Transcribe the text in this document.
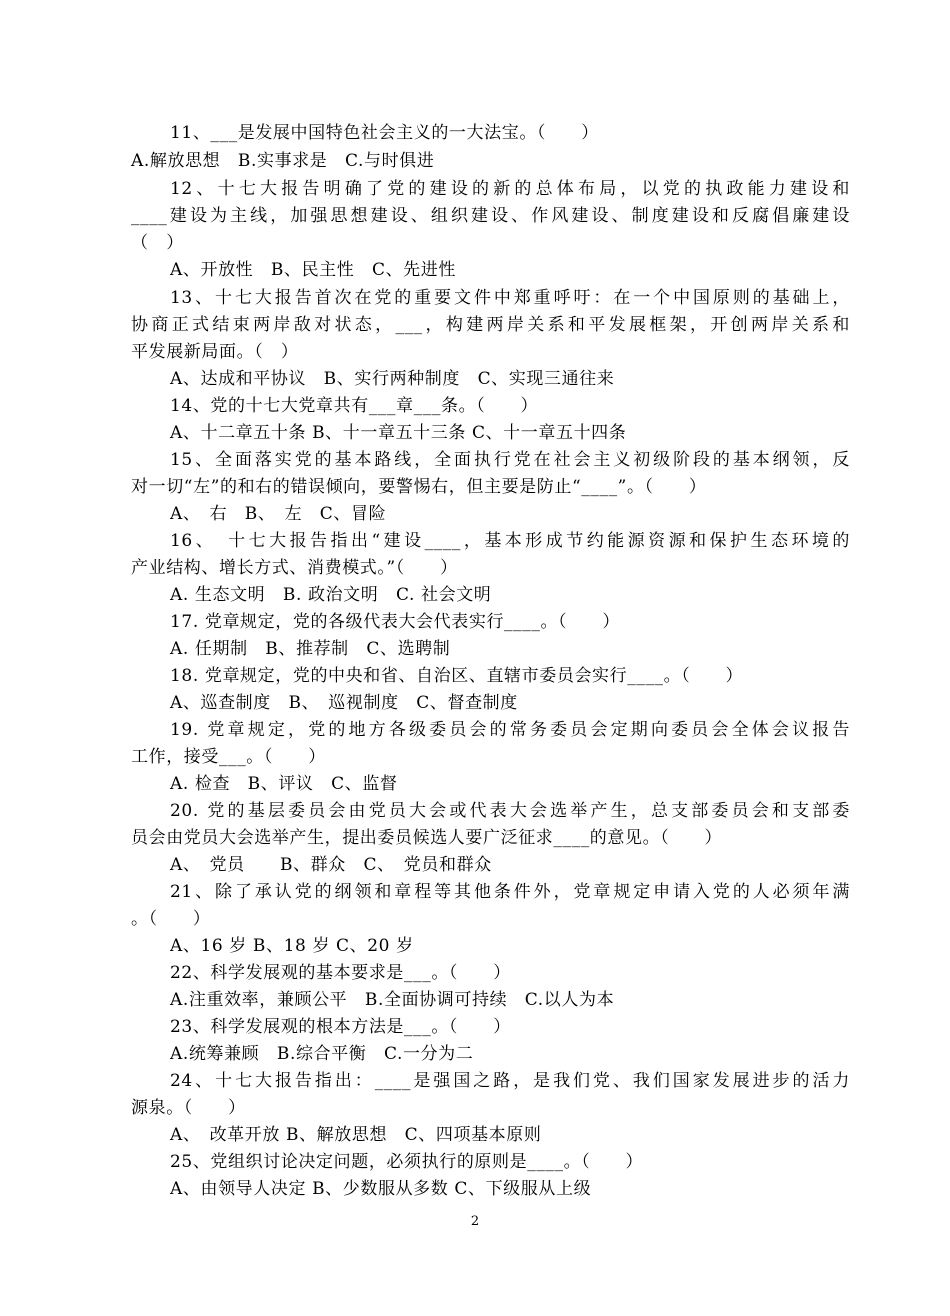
11、___是发展中国特色社会主义的一大法宝。（　　）
A.解放思想　B.实事求是　C.与时俱进
12、十七大报告明确了党的建设的新的总体布局，以党的执政能力建设和
____建设为主线，加强思想建设、组织建设、作风建设、制度建设和反腐倡廉建设
（　）
A、开放性　B、民主性　C、先进性
13、十七大报告首次在党的重要文件中郑重呼吁：在一个中国原则的基础上，
协商正式结束两岸敌对状态，___，构建两岸关系和平发展框架，开创两岸关系和
平发展新局面。（　）
A、达成和平协议　B、实行两种制度　C、实现三通往来
14、党的十七大党章共有___章___条。（　　）
A、十二章五十条 B、十一章五十三条 C、十一章五十四条
15、全面落实党的基本路线，全面执行党在社会主义初级阶段的基本纲领，反
对一切“左”的和右的错误倾向，要警惕右，但主要是防止“____”。（　　）
A、　右　B、　左　C、冒险
16、　十七大报告指出“建设____，基本形成节约能源资源和保护生态环境的
产业结构、增长方式、消费模式。”（　　）
A. 生态文明　B. 政治文明　C. 社会文明
17. 党章规定，党的各级代表大会代表实行____。（　　）
A. 任期制　B、推荐制　C、选聘制
18. 党章规定，党的中央和省、自治区、直辖市委员会实行____。（　　）
A、巡查制度　B、　巡视制度　C、督查制度
19. 党章规定，党的地方各级委员会的常务委员会定期向委员会全体会议报告
工作，接受___。（　　）
A. 检查　B、评议　C、监督
20. 党的基层委员会由党员大会或代表大会选举产生，总支部委员会和支部委
员会由党员大会选举产生，提出委员候选人要广泛征求____的意见。（　　）
A、　党员　　B、群众　C、　党员和群众
21、除了承认党的纲领和章程等其他条件外，党章规定申请入党的人必须年满
。（　　）
A、16 岁 B、18 岁 C、20 岁
22、科学发展观的基本要求是___。（　　）
A.注重效率，兼顾公平　B.全面协调可持续　C.以人为本
23、科学发展观的根本方法是___。（　　）
A.统筹兼顾　B.综合平衡　C.一分为二
24、十七大报告指出：____是强国之路，是我们党、我们国家发展进步的活力
源泉。（　　）
A、　改革开放 B、解放思想　C、四项基本原则
25、党组织讨论决定问题，必须执行的原则是____。（　　）
A、由领导人决定 B、少数服从多数 C、下级服从上级
2
